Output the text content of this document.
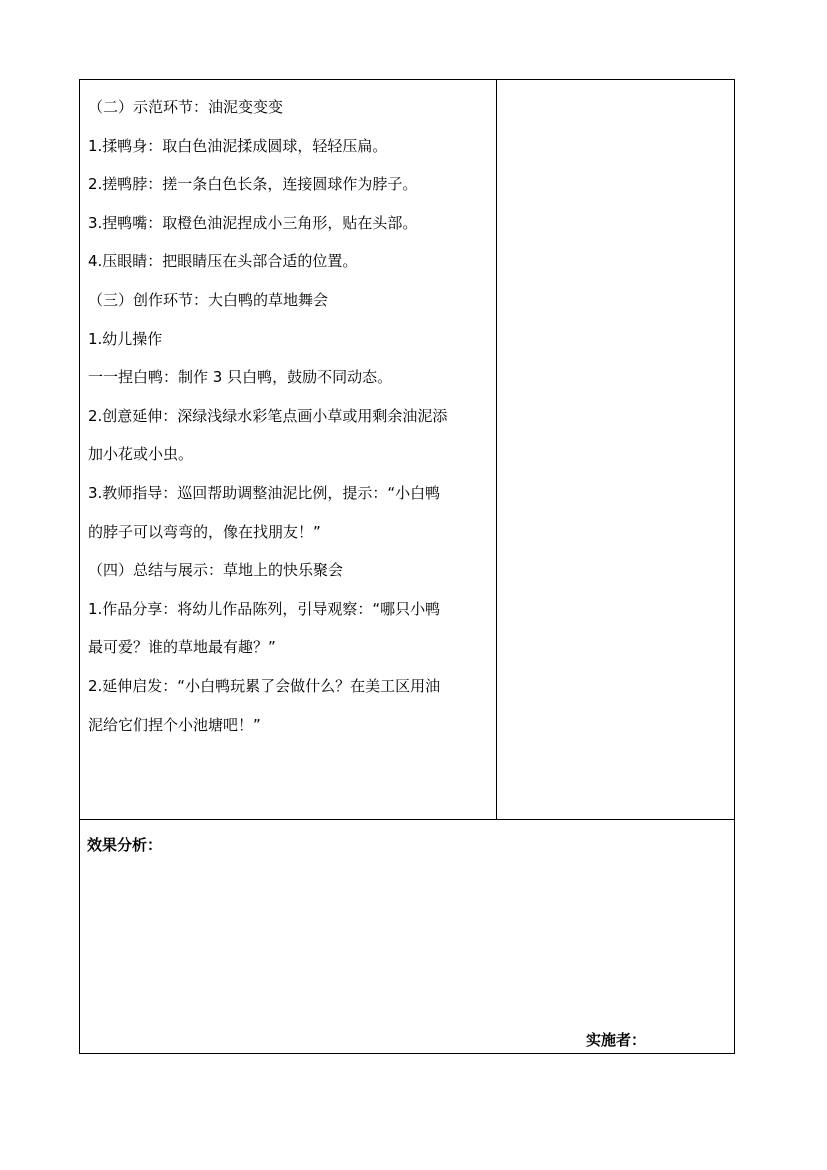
（二）示范环节：油泥变变变

1.揉鸭身：取白色油泥揉成圆球，轻轻压扁。

2.搓鸭脖：搓一条白色长条，连接圆球作为脖子。

3.捏鸭嘴：取橙色油泥捏成小三角形，贴在头部。

4.压眼睛：把眼睛压在头部合适的位置。

（三）创作环节：大白鸭的草地舞会

1.幼儿操作

一一捏白鸭：制作 3 只白鸭，鼓励不同动态。

2.创意延伸：深绿浅绿水彩笔点画小草或用剩余油泥添

加小花或小虫。

3.教师指导：巡回帮助调整油泥比例，提示：“小白鸭

的脖子可以弯弯的，像在找朋友！”

（四）总结与展示：草地上的快乐聚会

1.作品分享：将幼儿作品陈列，引导观察：“哪只小鸭

最可爱？谁的草地最有趣？”

2.延伸启发：“小白鸭玩累了会做什么？在美工区用油

泥给它们捏个小池塘吧！”

效果分析：

实施者：
